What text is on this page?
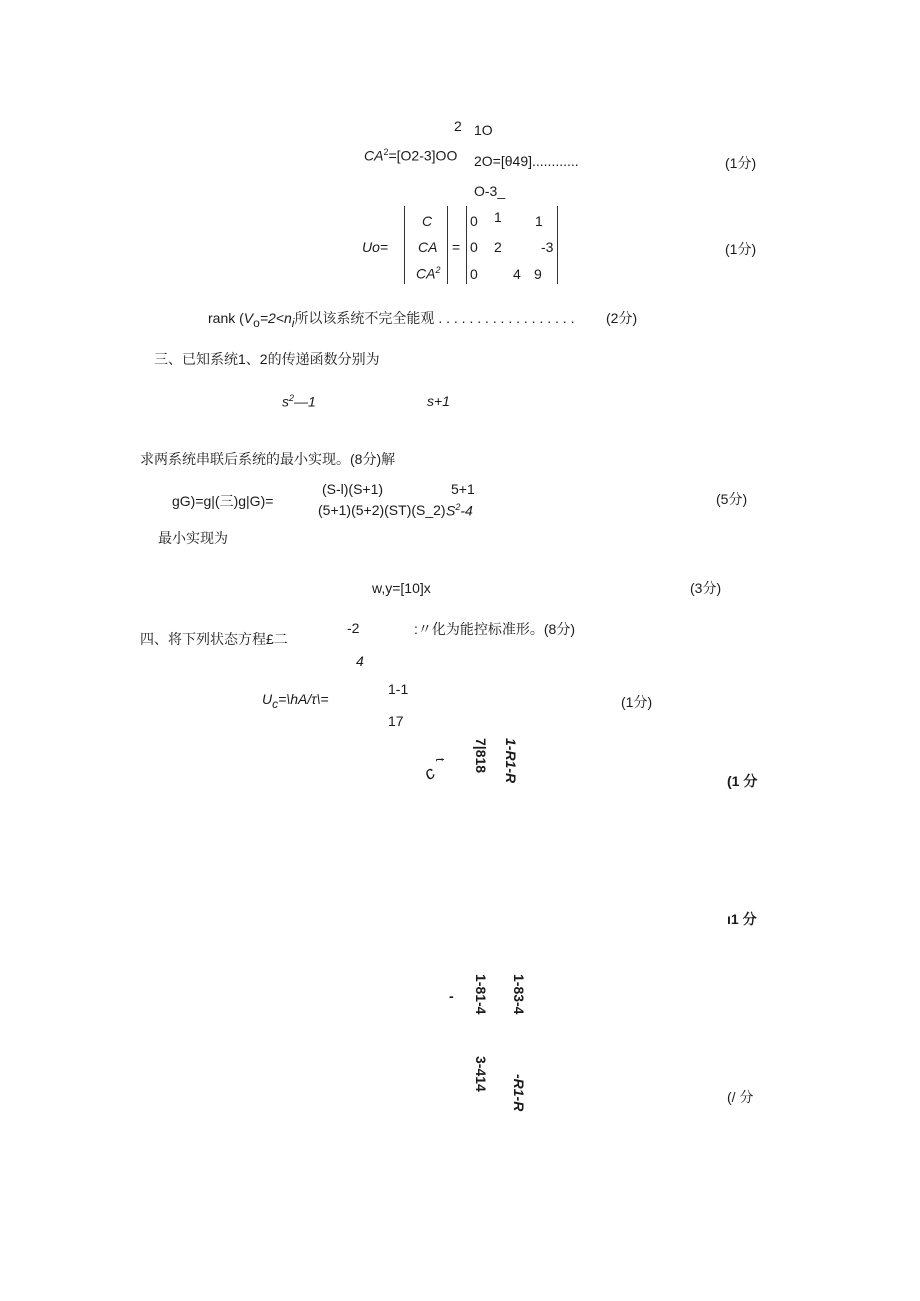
2 1O
$CA^2=[O2-3]OO$ 2O=[θ49]............	(1分)
O-3_
Uo=
C
CA
$CA^2$
=
0 1 1
0 2	-3
0	4 9
(1分)
rank ($V_o=2<n_i$所以该系统不完全能观 . . . . . . . . . . . . . . . . . . (2分)
三、已知系统1、2的传递函数分别为
$s^2—1$	s+1
求两系统串联后系统的最小实现。(8分)解
gG)=g|(三)g|G)=
(S-l)(S+1)	5+1
(5+1)(5+2)(ST)(S_2) $S^2-4$
(5分)
最小实现为
w,y=[10]x	(3分)
四、将下列状态方程£二
-2	:〃化为能控标准形。(8分)
4
$U_c=\backslash hA/\tau\backslash=$
1-1
17
(1分)
c
t 7|818 1-R1-R	(1 分
ı1 分
- 1-81-4 1-83-4
3-414
-R1-R	(/ 分
